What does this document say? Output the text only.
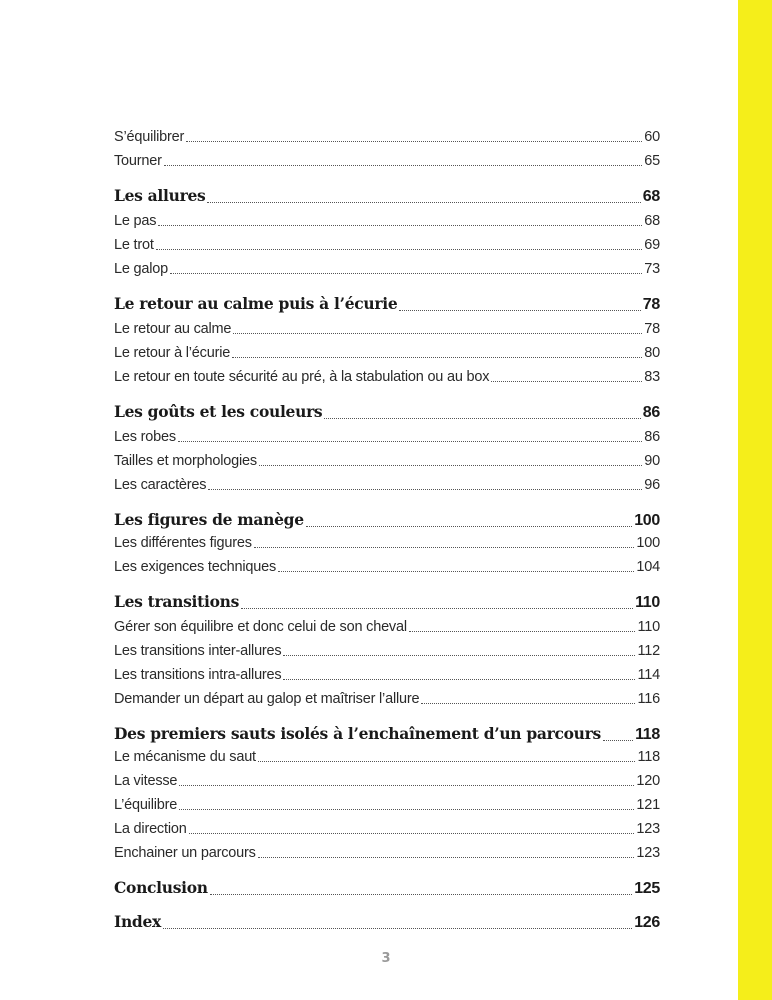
S’équilibrer	60
Tourner	65
Les allures	68
Le pas	68
Le trot	69
Le galop	73
Le retour au calme puis à l’écurie	78
Le retour au calme	78
Le retour à l’écurie	80
Le retour en toute sécurité au pré, à la stabulation ou au box	83
Les goûts et les couleurs	86
Les robes	86
Tailles et morphologies	90
Les caractères	96
Les figures de manège	100
Les différentes figures	100
Les exigences techniques	104
Les transitions	110
Gérer son équilibre et donc celui de son cheval	110
Les transitions inter-allures	112
Les transitions intra-allures	114
Demander un départ au galop et maîtriser l’allure	116
Des premiers sauts isolés à l’enchaînement d’un parcours 118
Le mécanisme du saut	118
La vitesse	120
L’équilibre	121
La direction	123
Enchainer un parcours	123
Conclusion	125
Index	126
3
